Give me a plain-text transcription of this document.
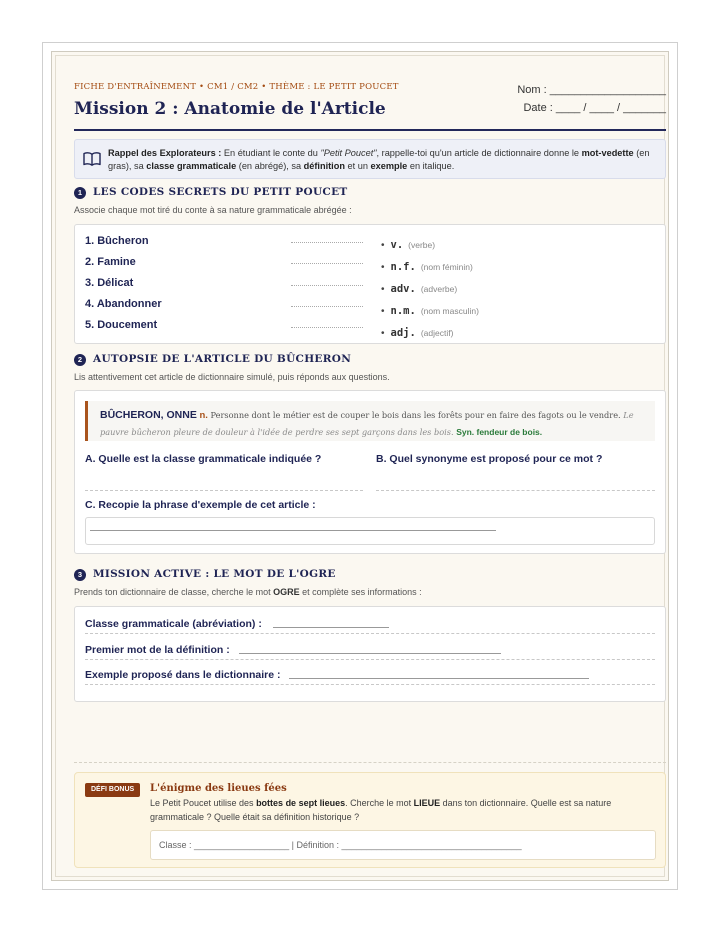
FICHE D'ENTRAÎNEMENT • CM1 / CM2 • THÈME : LE PETIT POUCET
Mission 2 : Anatomie de l'Article
Nom : ___________________
Date : ____ / ____ / _______
Rappel des Explorateurs : En étudiant le conte du "Petit Poucet", rappelle-toi qu'un article de dictionnaire donne le mot-vedette (en gras), sa classe grammaticale (en abrégé), sa définition et un exemple en italique.
1	LES CODES SECRETS DU PETIT POUCET
Associe chaque mot tiré du conte à sa nature grammaticale abrégée :
1. Bûcheron
2. Famine
3. Délicat
4. Abandonner
5. Doucement
• v. (verbe)
• n.f. (nom féminin)
• adv. (adverbe)
• n.m. (nom masculin)
• adj. (adjectif)
2	AUTOPSIE DE L'ARTICLE DU BÛCHERON
Lis attentivement cet article de dictionnaire simulé, puis réponds aux questions.
BÛCHERON, ONNE n. Personne dont le métier est de couper le bois dans les forêts pour en faire des fagots ou le vendre. Le pauvre bûcheron pleure de douleur à l'idée de perdre ses sept garçons dans les bois. Syn. fendeur de bois.
A. Quelle est la classe grammaticale indiquée ?	B. Quel synonyme est proposé pour ce mot ?
C. Recopie la phrase d'exemple de cet article :
3	MISSION ACTIVE : LE MOT DE L'OGRE
Prends ton dictionnaire de classe, cherche le mot OGRE et complète ses informations :
Classe grammaticale (abréviation) :
Premier mot de la définition :
Exemple proposé dans le dictionnaire :
DÉFI BONUS	L'énigme des lieues fées
Le Petit Poucet utilise des bottes de sept lieues. Cherche le mot LIEUE dans ton dictionnaire. Quelle est sa nature grammaticale ? Quelle était sa définition historique ?
Classe : ___________________ | Définition : ____________________________________
